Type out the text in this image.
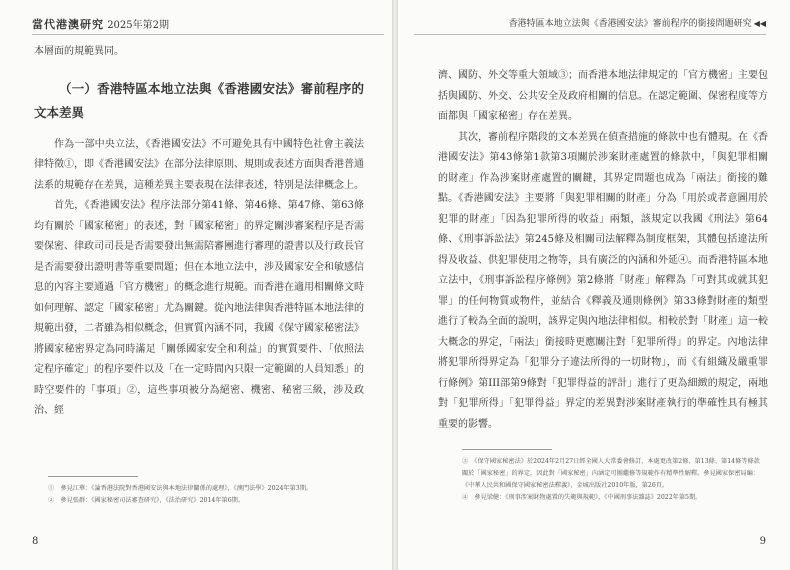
當代港澳研究 2025年第2期

本層面的規範異同。

（一）香港特區本地立法與《香港國安法》審前程序的文本差異

作為一部中央立法，《香港國安法》不可避免具有中國特色社會主義法律特徵①，即《香港國安法》在部分法律原則、規則或表述方面與香港普通法系的規範存在差異，這種差異主要表現在法律表述，特別是法律概念上。

首先，《香港國安法》程序法部分第41條、第46條、第47條、第63條均有關於「國家秘密」的表述，對「國家秘密」的界定關涉審案程序是否需要保密、律政司司長是否需要發出無需陪審團進行審理的證書以及行政長官是否需要發出證明書等重要問題；但在本地立法中，涉及國家安全和敏感信息的內容主要通過「官方機密」的概念進行規範。而香港在適用相關條文時如何理解、認定「國家秘密」尤為關鍵。從內地法律與香港特區本地法律的規範出發，二者雖為相似概念，但實質內涵不同，我國《保守國家秘密法》將國家秘密界定為同時滿足「關係國家安全和利益」的實質要件、「依照法定程序確定」的程序要件以及「在一定時間內只限一定範圍的人員知悉」的時空要件的「事項」②，這些事項被分為絕密、機密、秘密三級，涉及政治、經

①　參見江華：《論香港法院對香港國安法與本地法律關係的處理》，《澳門法學》2024年第3期。
②　參見張群：《國家秘密司法審查研究》，《法治研究》2014年第6期。
8
香港特區本地立法與《香港國安法》審前程序的銜接問題研究 ◀◀

濟、國防、外交等重大領域③；而香港本地法律規定的「官方機密」主要包括與國防、外交、公共安全及政府相關的信息。在認定範圍、保密程度等方面都與「國家秘密」存在差異。

其次，審前程序階段的文本差異在偵查措施的條款中也有體現。在《香港國安法》第43條第1款第3項關於涉案財產處置的條款中，「與犯罪相關的財產」作為涉案財產處置的關鍵，其界定問題也成為「兩法」銜接的難點。《香港國安法》主要將「與犯罪相關的財產」分為「用於或者意圖用於犯罪的財產」「因為犯罪所得的收益」兩類，該規定以我國《刑法》第64條、《刑事訴訟法》第245條及相關司法解釋為制度框架，其體包括違法所得及收益、供犯罪使用之物等，具有廣泛的內涵和外延④。而香港特區本地立法中，《刑事訴訟程序條例》第2條將「財產」解釋為「可對其或就其犯罪」的任何物質或物件，並結合《釋義及通則條例》第33條對財產的類型進行了較為全面的說明，該界定與內地法律相似。相較於對「財產」這一較大概念的界定，「兩法」銜接時更應關注對「犯罪所得」的界定。內地法律將犯罪所得界定為「犯罪分子違法所得的一切財物」，而《有組織及嚴重罪行條例》第III部第9條對「犯罪得益的評計」進行了更為細緻的規定，兩地對「犯罪所得」「犯罪得益」界定的差異對涉案財產執行的準確性具有極其重要的影響。

③　《保守國家秘密法》於2024年2月27日經全國人大常委會修訂，本處更改第2條、第13條、第14條等條款關於「國家秘密」的界定，因此對「國家秘密」內涵定可團繼修等規範作有精準性解釋。參見國家保密局編：《中華人民共和國保守國家秘密法釋義》，金城出版社2010年版，第26頁。
④　參見梁健：《刑事涉案財物處置的失範與規範》，《中國刑事法雜誌》2022年第5期。
9
